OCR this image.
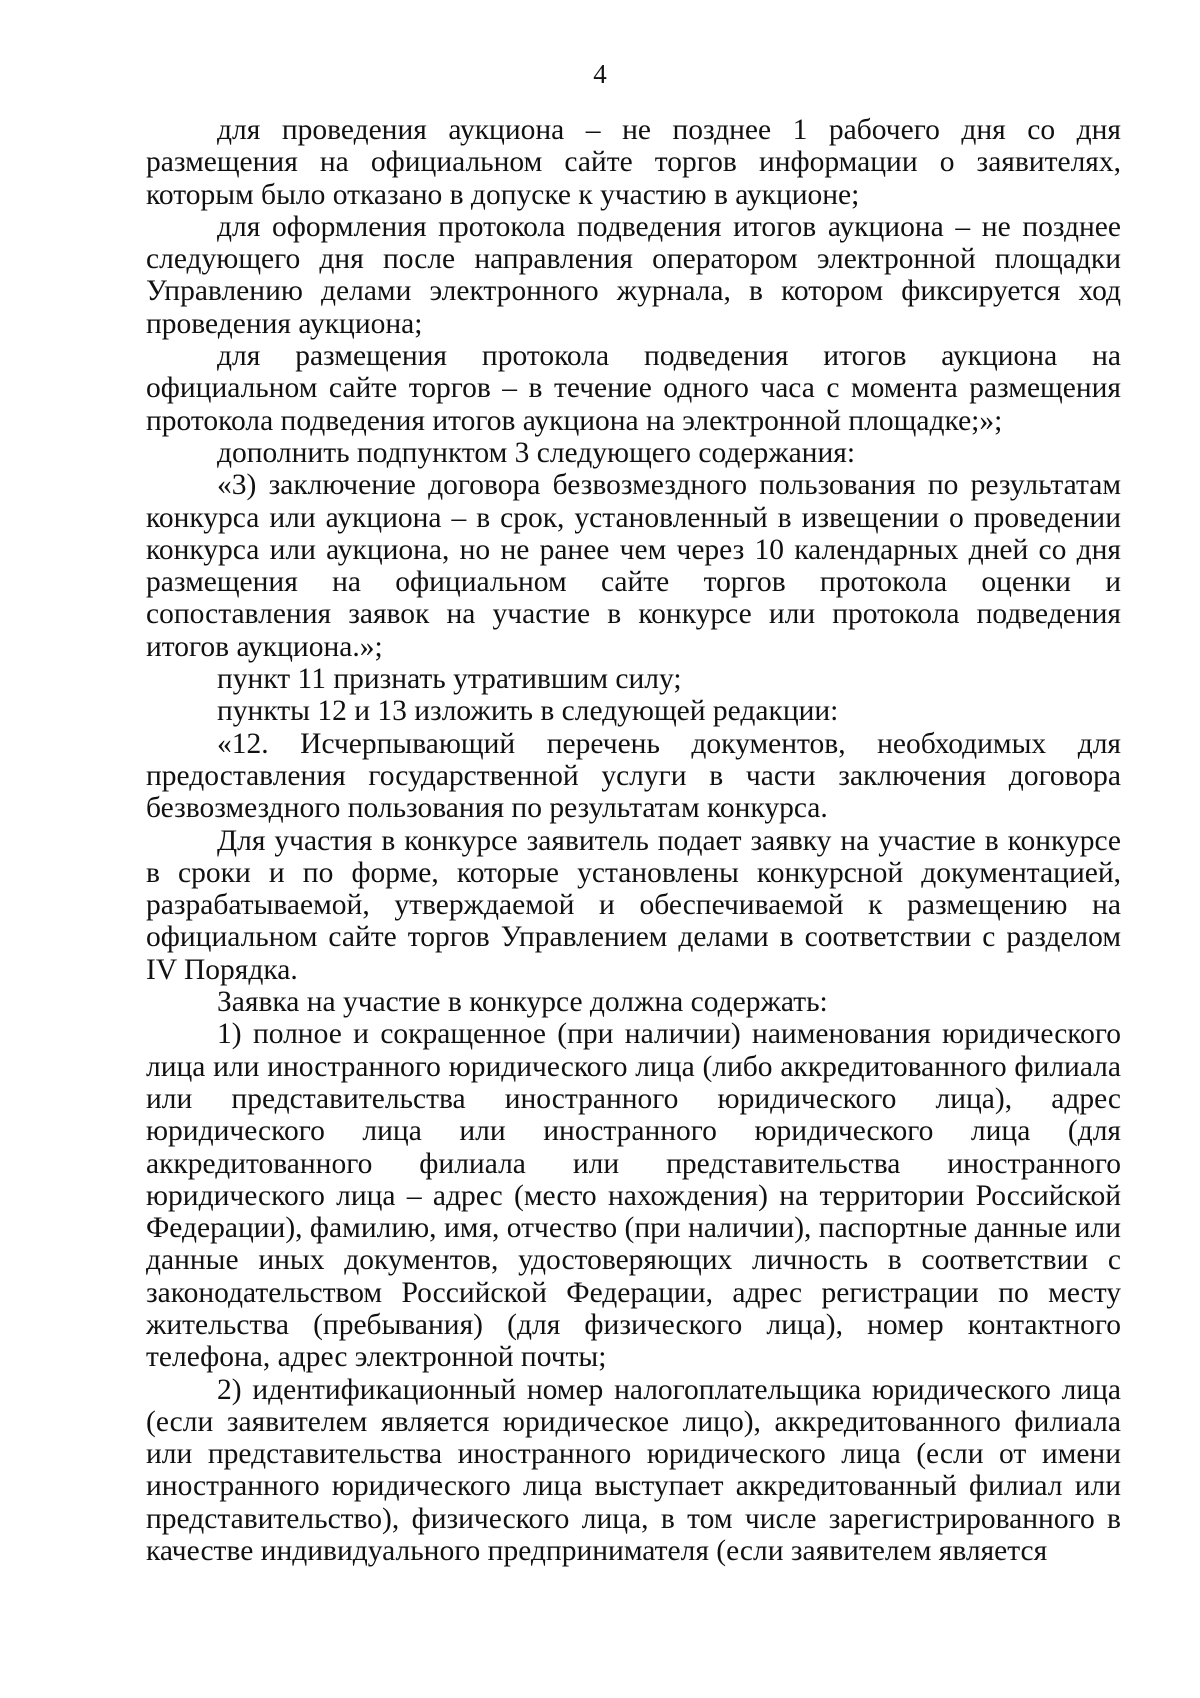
4

для проведения аукциона – не позднее 1 рабочего дня со дня размещения на официальном сайте торгов информации о заявителях, которым было отказано в допуске к участию в аукционе;

для оформления протокола подведения итогов аукциона – не позднее следующего дня после направления оператором электронной площадки Управлению делами электронного журнала, в котором фиксируется ход проведения аукциона;

для размещения протокола подведения итогов аукциона на официальном сайте торгов – в течение одного часа с момента размещения протокола подведения итогов аукциона на электронной площадке;»;

дополнить подпунктом 3 следующего содержания:

«3) заключение договора безвозмездного пользования по результатам конкурса или аукциона – в срок, установленный в извещении о проведении конкурса или аукциона, но не ранее чем через 10 календарных дней со дня размещения на официальном сайте торгов протокола оценки и сопоставления заявок на участие в конкурсе или протокола подведения итогов аукциона.»;

пункт 11 признать утратившим силу;

пункты 12 и 13 изложить в следующей редакции:

«12. Исчерпывающий перечень документов, необходимых для предоставления государственной услуги в части заключения договора безвозмездного пользования по результатам конкурса.

Для участия в конкурсе заявитель подает заявку на участие в конкурсе в сроки и по форме, которые установлены конкурсной документацией, разрабатываемой, утверждаемой и обеспечиваемой к размещению на официальном сайте торгов Управлением делами в соответствии с разделом IV Порядка.

Заявка на участие в конкурсе должна содержать:

1) полное и сокращенное (при наличии) наименования юридического лица или иностранного юридического лица (либо аккредитованного филиала или представительства иностранного юридического лица), адрес юридического лица или иностранного юридического лица (для аккредитованного филиала или представительства иностранного юридического лица – адрес (место нахождения) на территории Российской Федерации), фамилию, имя, отчество (при наличии), паспортные данные или данные иных документов, удостоверяющих личность в соответствии с законодательством Российской Федерации, адрес регистрации по месту жительства (пребывания) (для физического лица), номер контактного телефона, адрес электронной почты;

2) идентификационный номер налогоплательщика юридического лица (если заявителем является юридическое лицо), аккредитованного филиала или представительства иностранного юридического лица (если от имени иностранного юридического лица выступает аккредитованный филиал или представительство), физического лица, в том числе зарегистрированного в качестве индивидуального предпринимателя (если заявителем является
